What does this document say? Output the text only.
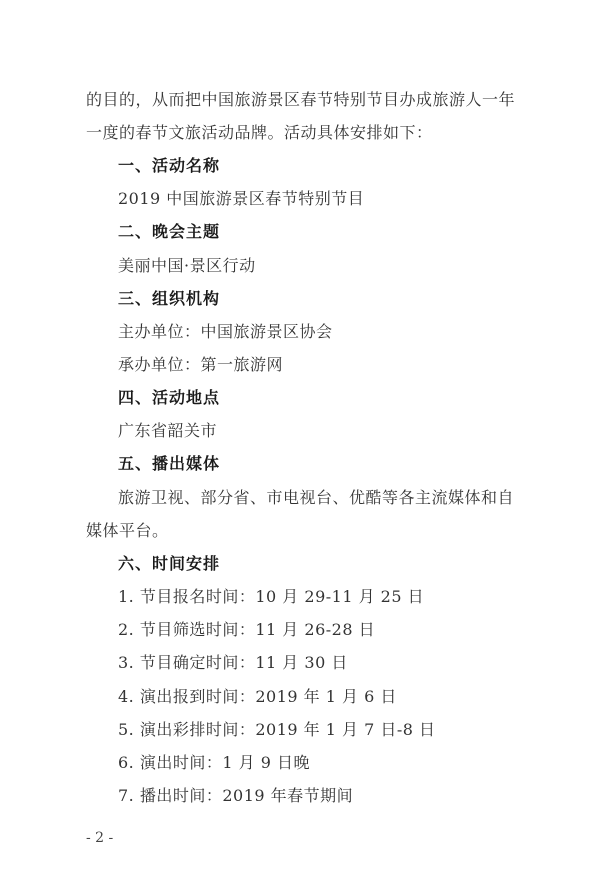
的目的，从而把中国旅游景区春节特别节目办成旅游人一年
一度的春节文旅活动品牌。活动具体安排如下：
一、活动名称
2019 中国旅游景区春节特别节目
二、晚会主题
美丽中国·景区行动
三、组织机构
主办单位：中国旅游景区协会
承办单位：第一旅游网
四、活动地点
广东省韶关市
五、播出媒体
旅游卫视、部分省、市电视台、优酷等各主流媒体和自
媒体平台。
六、时间安排
1. 节目报名时间：10 月 29-11 月 25 日
2. 节目筛选时间：11 月 26-28 日
3. 节目确定时间：11 月 30 日
4. 演出报到时间：2019 年 1 月 6 日
5. 演出彩排时间：2019 年 1 月 7 日-8 日
6. 演出时间：1 月 9 日晚
7. 播出时间：2019 年春节期间
- 2 -
